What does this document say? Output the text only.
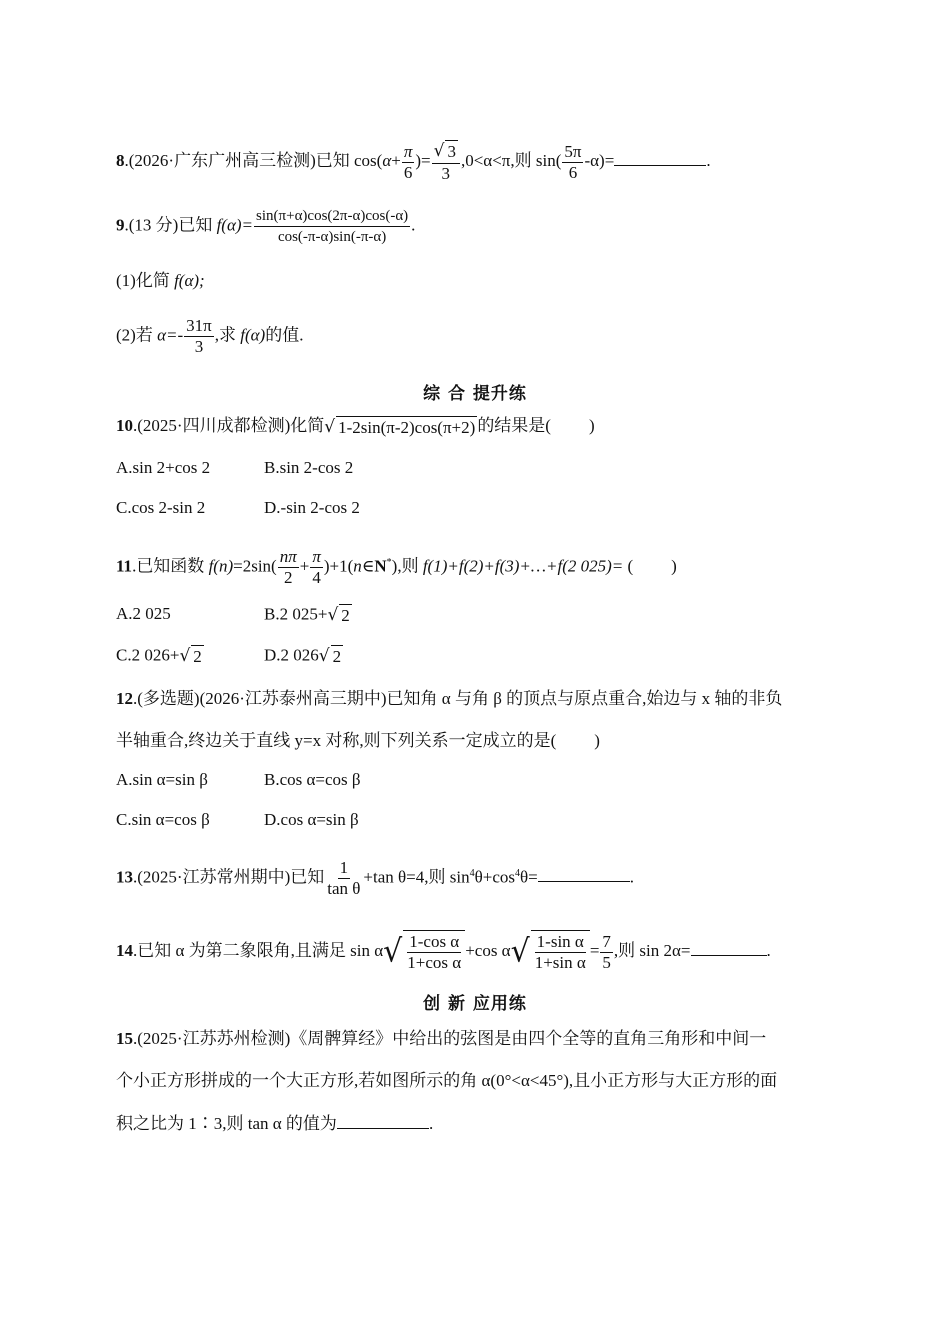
8.(2026·广东广州高三检测)已知 $\cos(\alpha+ \frac{\pi}{6}$ )= $\frac{√ 3}{3} ,0<\alpha<\pi$,则 $\sin( \frac{5\pi}{6} -\alpha)=$	.
9.(13 分)已知 $f(\alpha)= \frac{\sin(\pi+\alpha)\cos(2\pi-\alpha)\cos(-\alpha)}{\cos(-\pi-\alpha)\sin(-\pi-\alpha)}$ .
(1)化简 f(α);
(2)若 $\alpha=- \frac{31\pi}{3}$ ,求 f(α)的值.
综 合 提升练
10.(2025·四川成都检测)化简 √ 1-2sin(π-2)cos(π+2) 的结果是( )
A.sin 2+cos 2	B.sin 2-cos 2
C.cos 2-sin 2	D.-sin 2-cos 2
11.已知函数 $f(n)=2\sin( \frac{n\pi}{2} + \frac{\pi}{4}$ )+1(n∈N*),则 f(1)+f(2)+f(3)+…+f(2 025)= ( )
A.2 025	B.2 025+ √ 2
C.2 026+ √ 2	D.2 026 √ 2
12.(多选题)(2026·江苏泰州高三期中)已知角 α 与角 β 的顶点与原点重合,始边与 x 轴的非负
半轴重合,终边关于直线 y=x 对称,则下列关系一定成立的是( )
A.sin α=sin β	B.cos α=cos β
C.sin α=cos β	D.cos α=sin β
13.(2025·江苏常州期中)已知 $\frac{1}{\text{tan θ}} +\tan$ θ=4,则 $\sin^4\theta+\cos^4\theta=$	.
14.已知 α 为第二象限角,且满足 sin α √ $\frac{\text{1-cos α}}{\text{1+cos α}} +\cos$ α √ $\frac{\text{1-sin α}}{\text{1+sin α}} = \frac{7}{5}$ ,则 sin 2α=	.
创 新 应用练
15.(2025·江苏苏州检测)《周髀算经》中给出的弦图是由四个全等的直角三角形和中间一
个小正方形拼成的一个大正方形,若如图所示的角 α(0°<α<45°),且小正方形与大正方形的面
积之比为 1∶3,则 tan α 的值为	.
